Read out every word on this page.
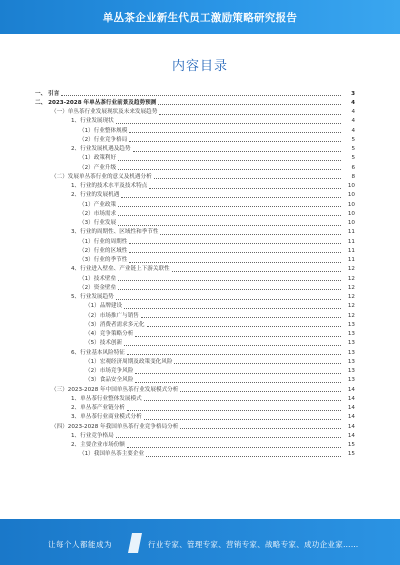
单丛茶企业新生代员工激励策略研究报告
内容目录
一、 引言	3
二、 2023-2028 年单丛茶行业前景及趋势预测	4
（一）单丛茶行业发展现状及未来发展趋势	4
1、行业发展现状	4
（1）行业整体规模	4
（2）行业竞争格局	5
2、行业发展机遇及趋势	5
（1）政策利好	5
（2）产业升级	6
（二）发展单丛茶行业的意义及机遇分析	8
1、行业的技术水平及技术特点	10
2、行业的发展机遇	10
（1）产业政策	10
（2）市场需求	10
（3）行业发展	10
3、行业的周期性、区域性和季节性	11
（1）行业的周期性	11
（2）行业的区域性	11
（3）行业的季节性	11
4、行业进入壁垒、产业链上下游关联性	12
（1）技术壁垒	12
（2）资金壁垒	12
5、行业发展趋势	12
（1）品牌建设	12
（2）市场推广与销售	12
（3）消费者需求多元化	13
（4）竞争策略分析	13
（5）技术创新	13
6、行业基本风险特征	13
（1）宏观经济周期及政策变化风险	13
（2）市场竞争风险	13
（3）食品安全风险	13
（三）2023-2028 年中国单丛茶行业发展模式分析	14
1、单丛茶行业整体发展模式	14
2、单丛茶产业链分析	14
3、单丛茶行业商业模式分析	14
（四）2023-2028 年我国单丛茶行业竞争格局分析	14
1、行业竞争格局	14
2、主要企业市场份额	15
（1）我国单丛茶主要企业	15
让每个人都能成为	行业专家、管理专家、营销专家、战略专家、成功企业家……
